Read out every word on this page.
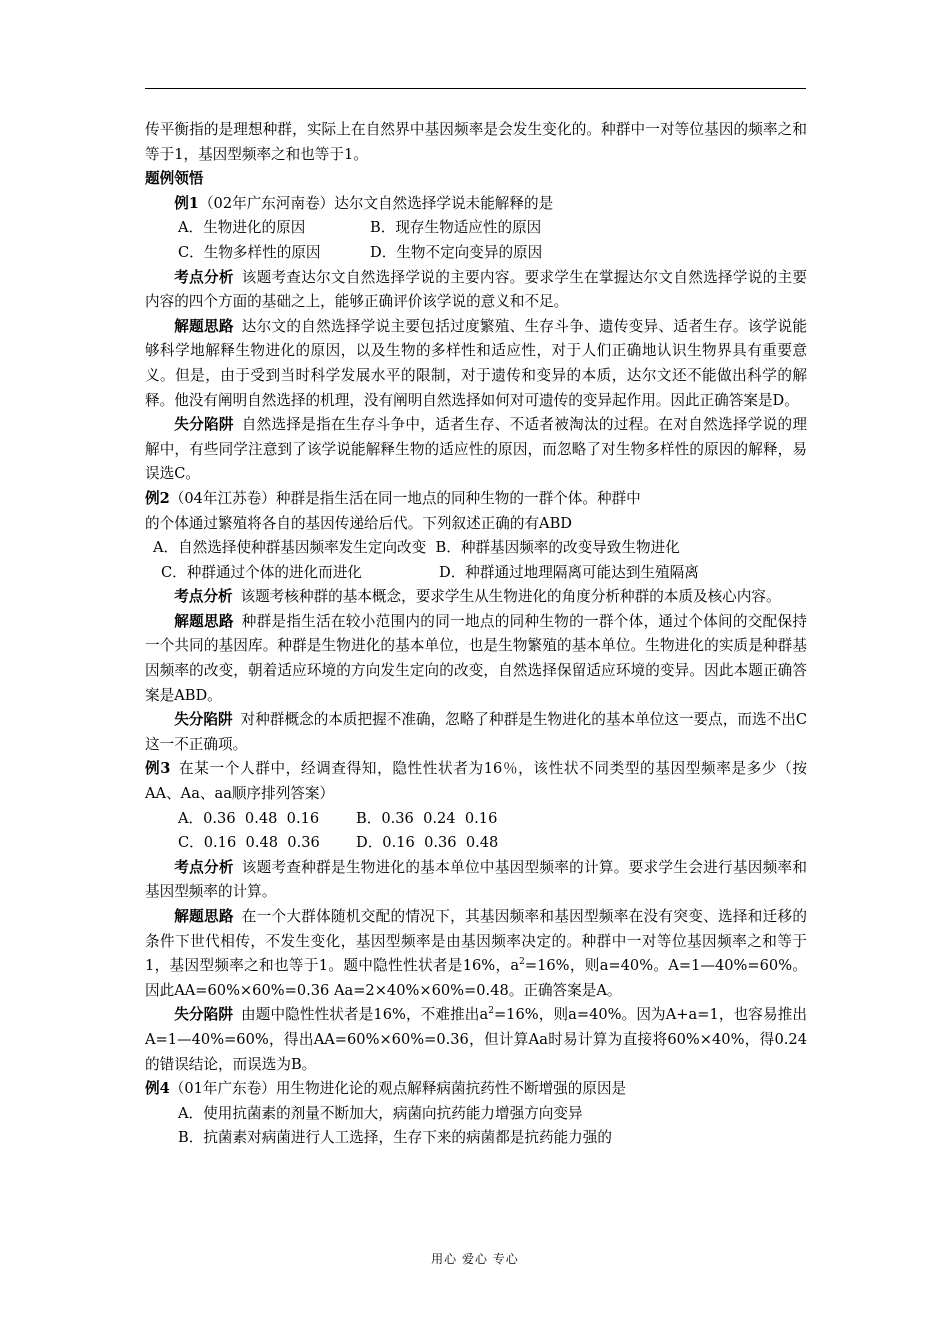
传平衡指的是理想种群，实际上在自然界中基因频率是会发生变化的。种群中一对等位基因的频率之和等于1，基因型频率之和也等于1。

题例领悟

例1（02年广东河南卷）达尔文自然选择学说未能解释的是

A．生物进化的原因	B．现存生物适应性的原因
C．生物多样性的原因	D．生物不定向变异的原因

考点分析 该题考查达尔文自然选择学说的主要内容。要求学生在掌握达尔文自然选择学说的主要内容的四个方面的基础之上，能够正确评价该学说的意义和不足。

解题思路 达尔文的自然选择学说主要包括过度繁殖、生存斗争、遗传变异、适者生存。该学说能够科学地解释生物进化的原因，以及生物的多样性和适应性，对于人们正确地认识生物界具有重要意义。但是，由于受到当时科学发展水平的限制，对于遗传和变异的本质，达尔文还不能做出科学的解释。他没有阐明自然选择的机理，没有阐明自然选择如何对可遗传的变异起作用。因此正确答案是D。

失分陷阱 自然选择是指在生存斗争中，适者生存、不适者被淘汰的过程。在对自然选择学说的理解中，有些同学注意到了该学说能解释生物的适应性的原因，而忽略了对生物多样性的原因的解释，易误选C。

例2（04年江苏卷）种群是指生活在同一地点的同种生物的一群个体。种群中

的个体通过繁殖将各自的基因传递给后代。下列叙述正确的有ABD

A．自然选择使种群基因频率发生定向改变 B．种群基因频率的改变导致生物进化
C．种群通过个体的进化而进化	D．种群通过地理隔离可能达到生殖隔离

考点分析 该题考核种群的基本概念，要求学生从生物进化的角度分析种群的本质及核心内容。

解题思路 种群是指生活在较小范围内的同一地点的同种生物的一群个体，通过个体间的交配保持一个共同的基因库。种群是生物进化的基本单位，也是生物繁殖的基本单位。生物进化的实质是种群基因频率的改变，朝着适应环境的方向发生定向的改变，自然选择保留适应环境的变异。因此本题正确答案是ABD。

失分陷阱 对种群概念的本质把握不准确，忽略了种群是生物进化的基本单位这一要点，而选不出C这一不正确项。

例3 在某一个人群中，经调查得知，隐性性状者为16％，该性状不同类型的基因型频率是多少（按AA、Aa、aa顺序排列答案）

A．0.36  0.48  0.16	B．0.36  0.24  0.16
C．0.16  0.48  0.36 D．0.16  0.36  0.48

考点分析 该题考查种群是生物进化的基本单位中基因型频率的计算。要求学生会进行基因频率和基因型频率的计算。

解题思路 在一个大群体随机交配的情况下，其基因频率和基因型频率在没有突变、选择和迁移的条件下世代相传，不发生变化，基因型频率是由基因频率决定的。种群中一对等位基因频率之和等于1，基因型频率之和也等于1。题中隐性性状者是16%，$a^2=16\%$，则a=40%。A=1—40%=60%。因此AA=60%×60%=0.36 Aa=2×40%×60%=0.48。正确答案是A。

失分陷阱 由题中隐性性状者是16%，不难推出$a^2=16\%$，则a=40%。因为A+a=1，也容易推出A=1—40%=60%，得出AA=60%×60%=0.36，但计算Aa时易计算为直接将60%×40%，得0.24的错误结论，而误选为B。

例4（01年广东卷）用生物进化论的观点解释病菌抗药性不断增强的原因是

A．使用抗菌素的剂量不断加大，病菌向抗药能力增强方向变异
B．抗菌素对病菌进行人工选择，生存下来的病菌都是抗药能力强的
用心 爱心 专心
